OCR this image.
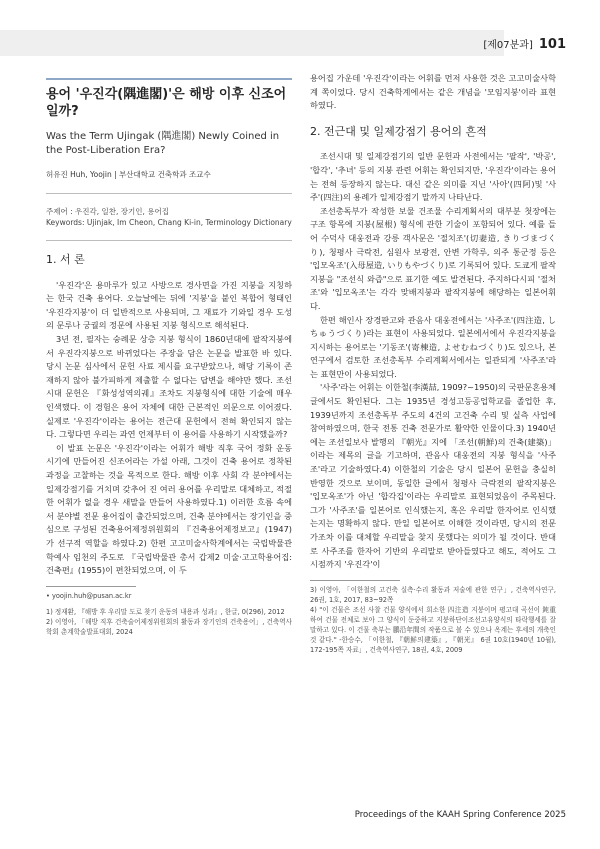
[제07분과] 101
용어 '우진각(隅進閣)'은 해방 이후 신조어일까?
Was the Term Ujingak (隅進閣) Newly Coined in the Post-Liberation Era?
허유진 Huh, Yoojin | 부산대학교 건축학과 조교수
주제어 : 우진각, 일찬, 장기인, 용어집
Keywords: Ujinjak, Im Cheon, Chang Ki-in, Terminology Dictionary
1. 서 론

'우진각'은 용마루가 있고 사방으로 경사면을 가진 지붕을 지칭하는 한국 건축 용어다. 오늘날에는 뒤에 '지붕'을 붙인 복합어 형태인 '우진각지붕'이 더 일반적으로 사용되며, 그 재료가 기와일 경우 도성의 문루나 궁궐의 정문에 사용된 지붕 형식으로 해석된다.

3년 전, 필자는 숭례문 상층 지붕 형식이 1860년대에 팔작지붕에서 우진각지붕으로 바뀌었다는 주장을 담은 논문을 발표한 바 있다. 당시 논문 심사에서 문헌 사료 제시를 요구받았으나, 해당 기록이 존재하지 않아 불가피하게 제출할 수 없다는 답변을 해야만 했다. 조선 시대 문헌은 『화성성역의궤』조차도 지붕형식에 대한 기술에 매우 인색했다. 이 경험은 용어 자체에 대한 근본적인 의문으로 이어졌다. 실제로 '우진각'이라는 용어는 전근대 문헌에서 전혀 확인되지 않는다. 그렇다면 우리는 과연 언제부터 이 용어를 사용하기 시작했을까?

이 발표 논문은 '우진각'이라는 어휘가 해방 직후 국어 정화 운동 시기에 만들어진 신조어라는 가설 아래, 그것이 건축 용어로 정착된 과정을 고찰하는 것을 목적으로 한다. 해방 이후 사회 각 분야에서는 일제강점기를 거치며 갖추어 진 여러 용어를 우리말로 대체하고, 적절한 어휘가 없을 경우 새말을 만들어 사용하였다.1) 이러한 흐름 속에서 분야별 전문 용어집이 출간되었으며, 건축 분야에서는 장기인을 중심으로 구성된 건축용어제정위원회의 『건축용어제정보고』(1947)가 선구적 역할을 하였다.2) 한편 고고미술사학계에서는 국립박물관 학예사 임천의 주도로 『국립박물관 총서 갑제2 미술·고고학용어집: 건축편』(1955)이 편찬되었으며, 이 두

• yoojin.huh@pusan.ac.kr

1) 정재환, 『해방 후 우리말 도로 찾기 운동의 내용과 성과』, 한글, 0(296), 2012

2) 이영아, 「해방 직후 건축술어제정위원회의 활동과 장기인의 건축용어」, 건축역사학회 춘계학술발표대회, 2024

용어집 가운데 '우진각'이라는 어휘를 먼저 사용한 것은 고고미술사학계 쪽이었다. 당시 건축학계에서는 같은 개념을 '모임지붕'이라 표현하였다.

2. 전근대 및 일제강점기 용어의 흔적

조선시대 및 일제강점기의 일반 문헌과 사전에서는 '팔작', '박공', '합각', '추녀' 등의 지붕 관련 어휘는 확인되지만, '우진각'이라는 용어는 전혀 등장하지 않는다. 대신 같은 의미를 지닌 '사아'(四阿)및 '사주'(四注)의 용례가 일제강점기 말까지 나타난다.

조선총독부가 작성한 보물 건조물 수리계획서의 대부분 첫장에는 구조 항목에 지붕(屋根) 형식에 관한 기술이 포함되어 있다. 예를 들어 수덕사 대웅전과 강릉 객사문은 '절치조'(切妻造, きりづまづくり), 청평사 극락전, 심원사 보광전, 안변 가학루, 의주 통군정 등은 '입모옥조'(入母屋造, いりもやづくり)로 기록되어 있다. 도쿄게 팔작지붕을 "조선식 와즙"으로 표기한 예도 발견된다. 주지하다시피 '절처조'와 '입모옥조'는 각각 맞배지붕과 팔작지붕에 해당하는 일본어휘다.

한편 해인사 장경판고와 관음사 대웅전에서는 '사주조'(四注造, しちゅうづくり)라는 표현이 사용되었다. 일본에서에서 우진각지붕을 지시하는 용어로는 '기동조'(寄棟造, よせむねづくり)도 있으나, 본 연구에서 검토한 조선총독부 수리계획서에서는 일관되게 '사주조'라는 표현만이 사용되었다.

'사주'라는 어휘는 이한철(李漢喆, 1909?~1950)의 국판문혼용체 글에서도 확인된다. 그는 1935년 경성고등공업학교를 졸업한 후, 1939년까지 조선총독부 주도의 4건의 고건축 수리 및 실측 사업에 참여하였으며, 한국 전통 건축 전문가로 활약한 인물이다.3) 1940년에는 조선일보사 발행의 『朝光』지에 「조선(朝鮮)의 건축(建築)」이라는 제목의 글을 기고하며, 관음사 대웅전의 지붕 형식을 '사주조'라고 기술하였다.4) 이한철의 기술은 당시 일본어 문헌을 충실히 반영한 것으로 보이며, 동일한 글에서 청평사 극락전의 팔작지붕은 '입모옥조'가 아닌 '합각집'이라는 우리말로 표현되었음이 주목된다. 그가 '사주조'를 일본어로 인식했는지, 혹은 우리말 한자어로 인식했는지는 명확하지 않다. 만일 일본어로 이해한 것이라면, 당시의 전문가조차 이를 대체할 우리말을 찾지 못했다는 의미가 될 것이다. 반대로 사주조를 한자어 기반의 우리말로 받아들였다고 해도, 적어도 그 시점까지 '우진각'이

3) 이영아, 「이한철의 고건축 실측·수리 활동과 저술에 관한 연구」, 건축역사연구, 26권, 1호, 2017, 83~92쪽

4) "이 건물은 조선 사찰 건물 양식에서 희소한 四注造 지붕이며 평고대 곡선이 鈍重하여 건물 전체로 보아 그 양식이 둔중하고 지붕하단이조선고유양식의 타락행세를 잘 말하고 있다. 이 건물 축부는 鵬沿年間의 작품으로 볼 수 있으나 옥계는 후세의 개축인 것 같다." -한승수, 「이한철, 『朝鮮의建築』, 『朝光』 6권 10호(1940년 10월), 172-195쪽 자료」, 건축역사연구, 18권, 4호, 2009

Proceedings of the KAAH Spring Conference 2025
